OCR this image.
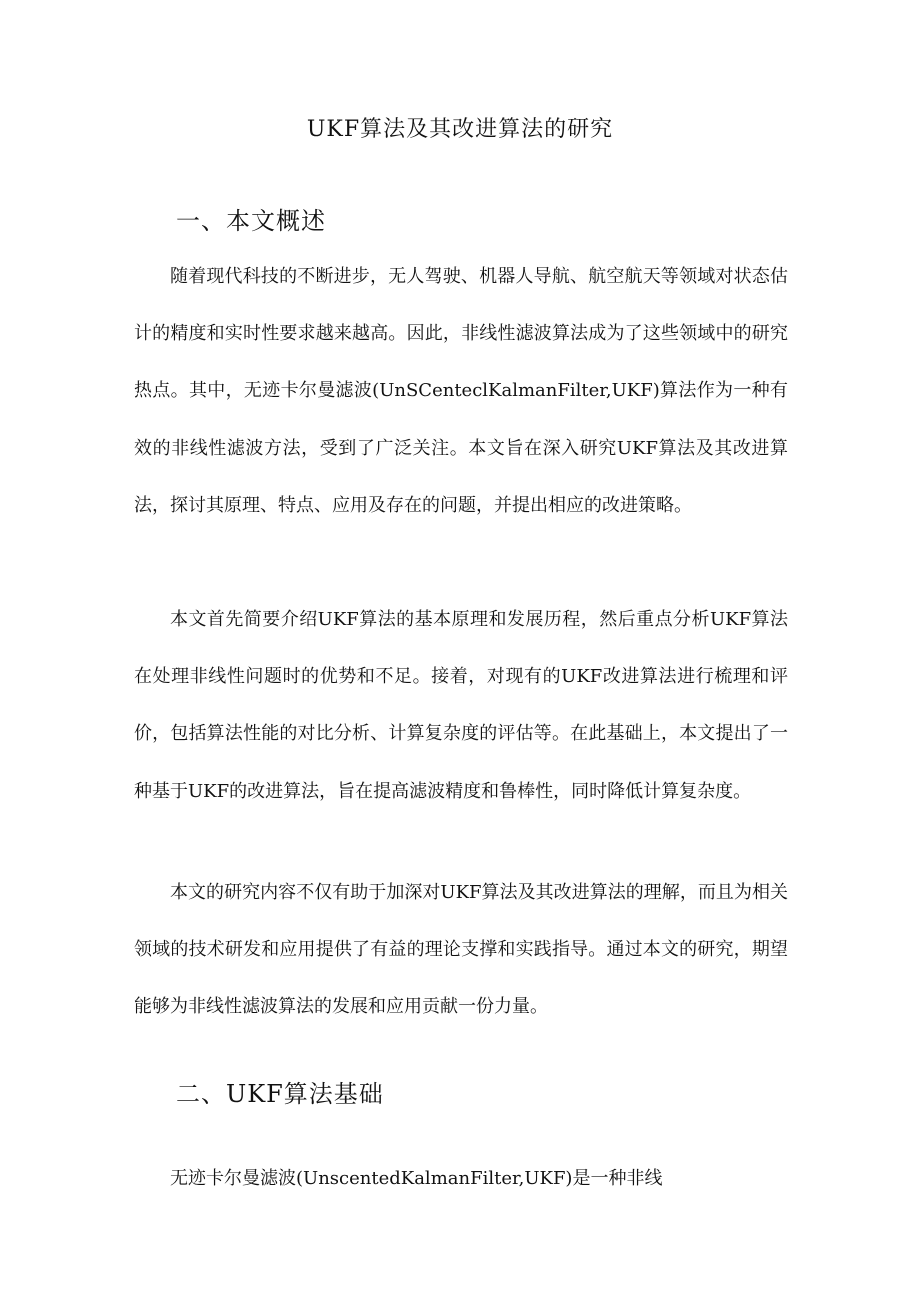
UKF算法及其改进算法的研究
一、本文概述
随着现代科技的不断进步，无人驾驶、机器人导航、航空航天等领域对状态估计的精度和实时性要求越来越高。因此，非线性滤波算法成为了这些领域中的研究热点。其中，无迹卡尔曼滤波(UnSCenteclKalmanFilter,UKF)算法作为一种有效的非线性滤波方法，受到了广泛关注。本文旨在深入研究UKF算法及其改进算法，探讨其原理、特点、应用及存在的问题，并提出相应的改进策略。
本文首先简要介绍UKF算法的基本原理和发展历程，然后重点分析UKF算法在处理非线性问题时的优势和不足。接着，对现有的UKF改进算法进行梳理和评价，包括算法性能的对比分析、计算复杂度的评估等。在此基础上，本文提出了一种基于UKF的改进算法，旨在提高滤波精度和鲁棒性，同时降低计算复杂度。
本文的研究内容不仅有助于加深对UKF算法及其改进算法的理解，而且为相关领域的技术研发和应用提供了有益的理论支撑和实践指导。通过本文的研究，期望能够为非线性滤波算法的发展和应用贡献一份力量。
二、UKF算法基础
无迹卡尔曼滤波(UnscentedKalmanFilter,UKF)是一种非线
